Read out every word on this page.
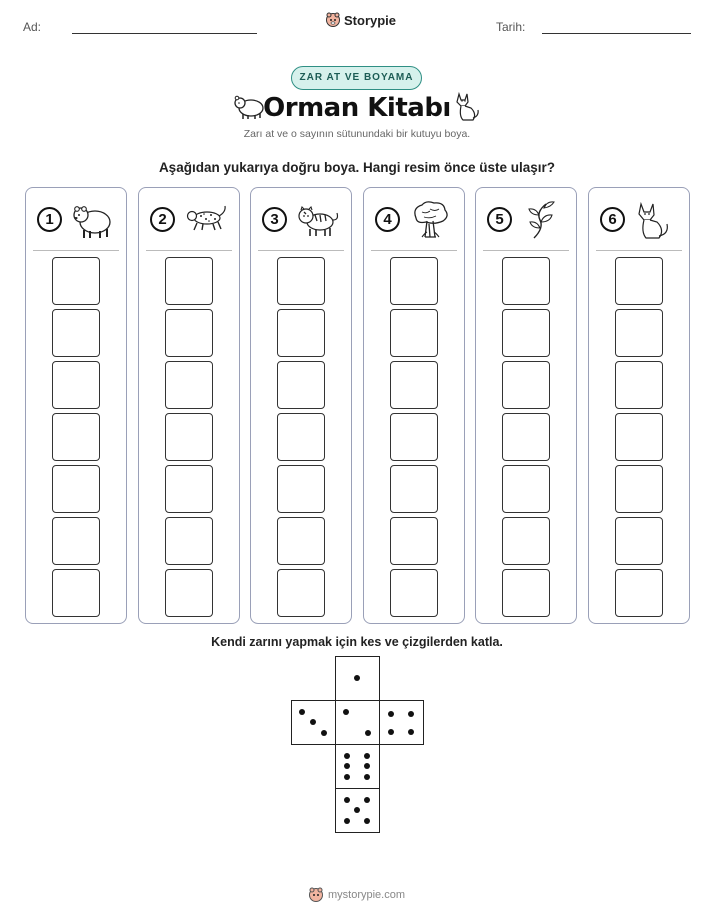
Ad:	Storypie	Tarih:
ZAR AT VE BOYAMA
Orman Kitabı
Zarı at ve o sayının sütunundaki bir kutuyu boya.
Aşağıdan yukarıya doğru boya. Hangi resim önce üste ulaşır?
1	2	3	4	5	6
Kendi zarını yapmak için kes ve çizgilerden katla.
mystorypie.com
